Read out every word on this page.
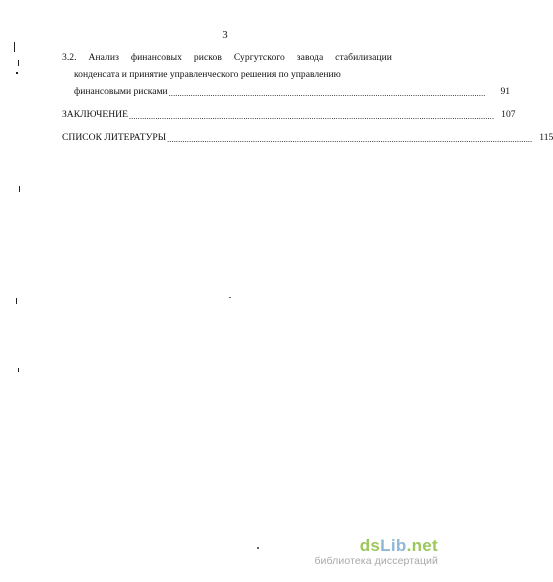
3
3.2. Анализ финансовых рисков Сургутского завода стабилизации
конденсата и принятие управленческого решения по управлению
финансовыми рисками ................................................................................................................................................	91
ЗАКЛЮЧЕНИЕ ...................................................................................................................................................................... 107
СПИСОК ЛИТЕРАТУРЫ ...................................................................................................................................................................... 115
dsLib.net
библиотека диссертаций
